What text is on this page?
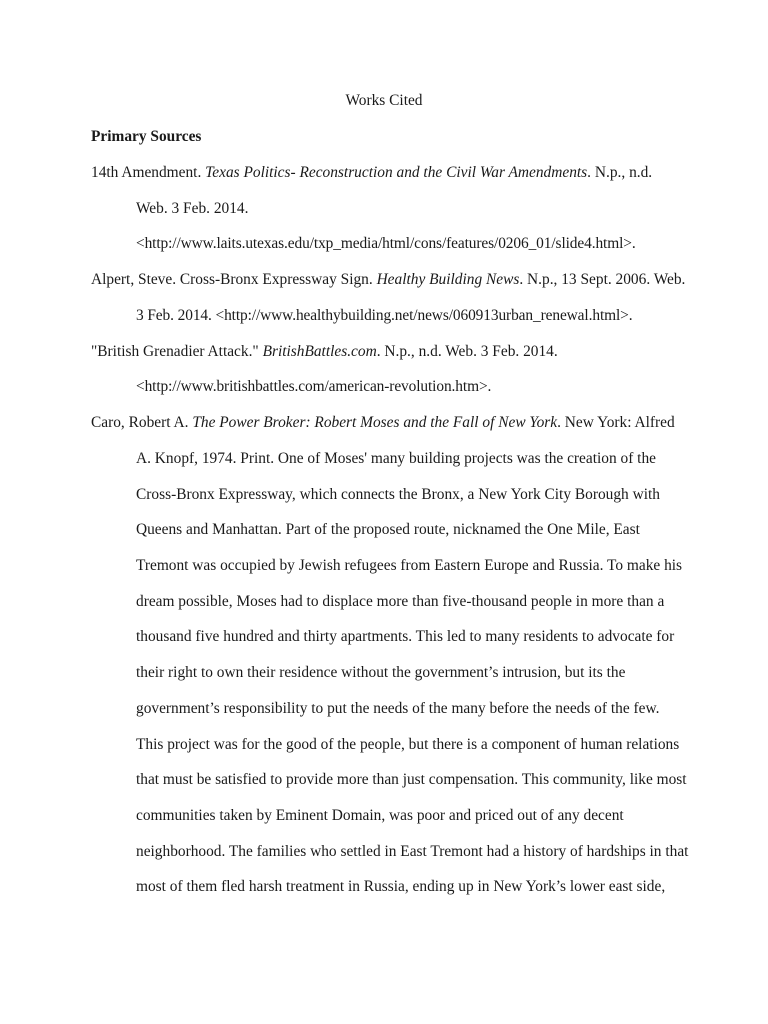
Works Cited
Primary Sources
14th Amendment. Texas Politics- Reconstruction and the Civil War Amendments. N.p., n.d.
Web. 3 Feb. 2014.
<http://www.laits.utexas.edu/txp_media/html/cons/features/0206_01/slide4.html>.
Alpert, Steve. Cross-Bronx Expressway Sign. Healthy Building News. N.p., 13 Sept. 2006. Web.
3 Feb. 2014. <http://www.healthybuilding.net/news/060913urban_renewal.html>.
"British Grenadier Attack." BritishBattles.com. N.p., n.d. Web. 3 Feb. 2014.
<http://www.britishbattles.com/american-revolution.htm>.
Caro, Robert A. The Power Broker: Robert Moses and the Fall of New York. New York: Alfred
A. Knopf, 1974. Print. One of Moses' many building projects was the creation of the
Cross-Bronx Expressway, which connects the Bronx, a New York City Borough with
Queens and Manhattan. Part of the proposed route, nicknamed the One Mile, East
Tremont was occupied by Jewish refugees from Eastern Europe and Russia. To make his
dream possible, Moses had to displace more than five-thousand people in more than a
thousand five hundred and thirty apartments. This led to many residents to advocate for
their right to own their residence without the government’s intrusion, but its the
government’s responsibility to put the needs of the many before the needs of the few.
This project was for the good of the people, but there is a component of human relations
that must be satisfied to provide more than just compensation. This community, like most
communities taken by Eminent Domain, was poor and priced out of any decent
neighborhood. The families who settled in East Tremont had a history of hardships in that
most of them fled harsh treatment in Russia, ending up in New York’s lower east side,
